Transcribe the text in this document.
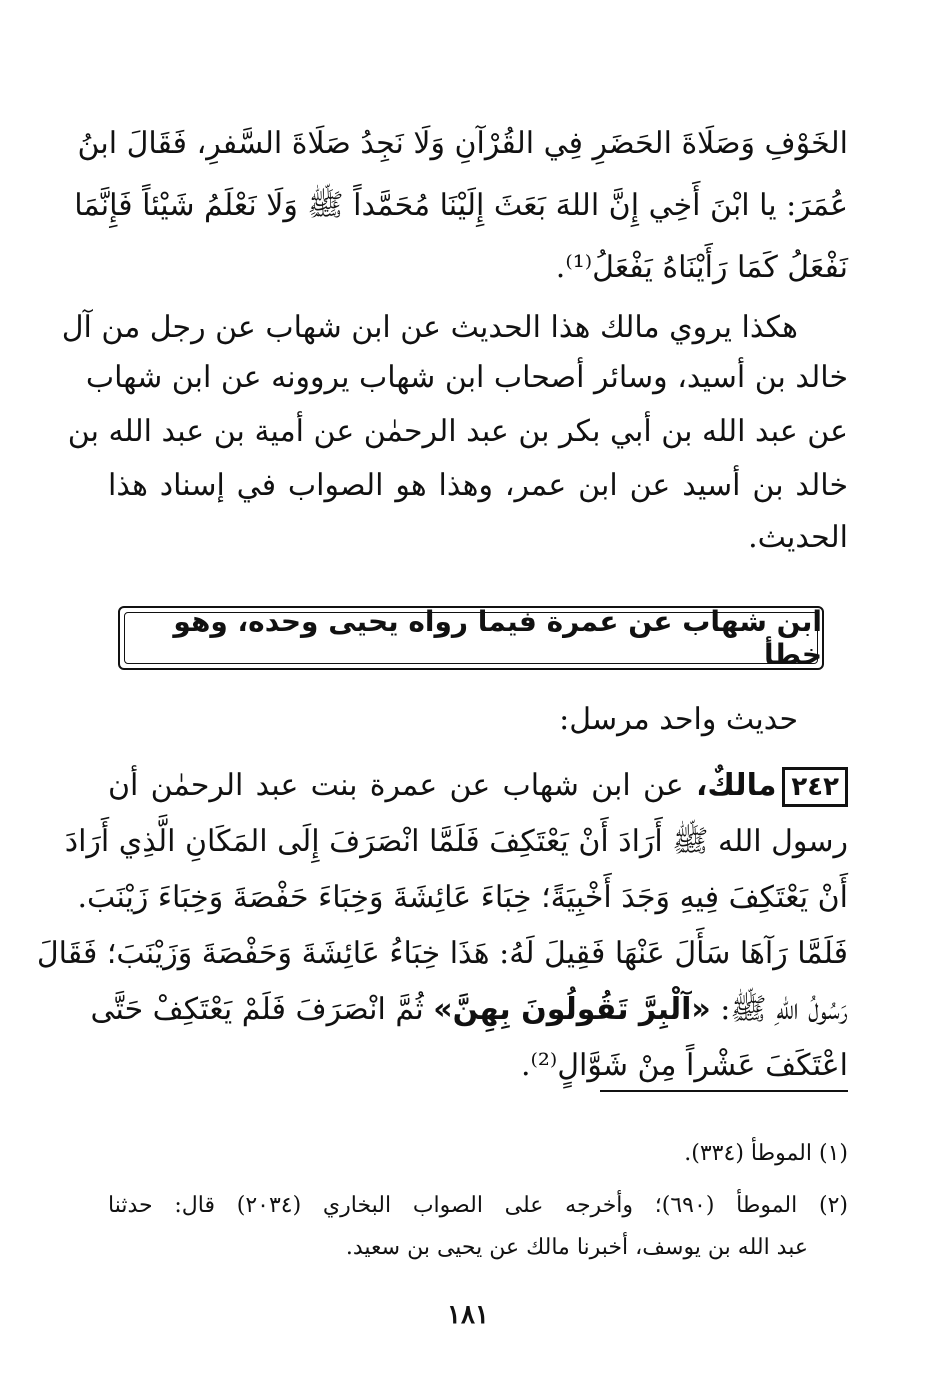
الخَوْفِ وَصَلَاةَ الحَضَرِ فِي القُرْآنِ وَلَا نَجِدُ صَلَاةَ السَّفرِ، فَقَالَ ابنُ
عُمَرَ: يا ابْنَ أَخِي إِنَّ اللهَ بَعَثَ إِلَيْنَا مُحَمَّداً ﷺ وَلَا نَعْلَمُ شَيْئاً فَإِنَّمَا
نَفْعَلُ كَمَا رَأَيْنَاهُ يَفْعَلُ⁽¹⁾.
هكذا يروي مالك هذا الحديث عن ابن شهاب عن رجل من آل
خالد بن أسيد، وسائر أصحاب ابن شهاب يروونه عن ابن شهاب
عن عبد الله بن أبي بكر بن عبد الرحمٰن عن أمية بن عبد الله بن
خالد بن أسيد عن ابن عمر، وهذا هو الصواب في إسناد هذا
الحديث.
ابن شهاب عن عمرة فيما رواه يحيى وحده، وهو خطأ
حديث واحد مرسل:
٢٤٢مالكٌ، عن ابن شهاب عن عمرة بنت عبد الرحمٰن أن
رسول الله ﷺ أَرَادَ أَنْ يَعْتَكِفَ فَلَمَّا انْصَرَفَ إِلَى المَكَانِ الَّذِي أَرَادَ
أَنْ يَعْتَكِفَ فِيهِ وَجَدَ أَخْبِيَةً؛ خِبَاءَ عَائِشَةَ وَخِبَاءَ حَفْصَةَ وَخِبَاءَ زَيْنَبَ.
فَلَمَّا رَآهَا سَأَلَ عَنْهَا فَقِيلَ لَهُ: هَذَا خِبَاءُ عَائِشَةَ وَحَفْصَةَ وَزَيْنَبَ؛ فَقَالَ
رَسُولُ اللهِ ﷺ: «آلْبِرَّ تَقُولُونَ بِهِنَّ» ثُمَّ انْصَرَفَ فَلَمْ يَعْتَكِفْ حَتَّى
اعْتَكَفَ عَشْراً مِنْ شَوَّالٍ⁽²⁾.
(١) الموطأ (٣٣٤).
(٢) الموطأ (٦٩٠)؛ وأخرجه على الصواب البخاري (٢٠٣٤) قال: حدثنا
عبد الله بن يوسف، أخبرنا مالك عن يحيى بن سعيد.
١٨١
